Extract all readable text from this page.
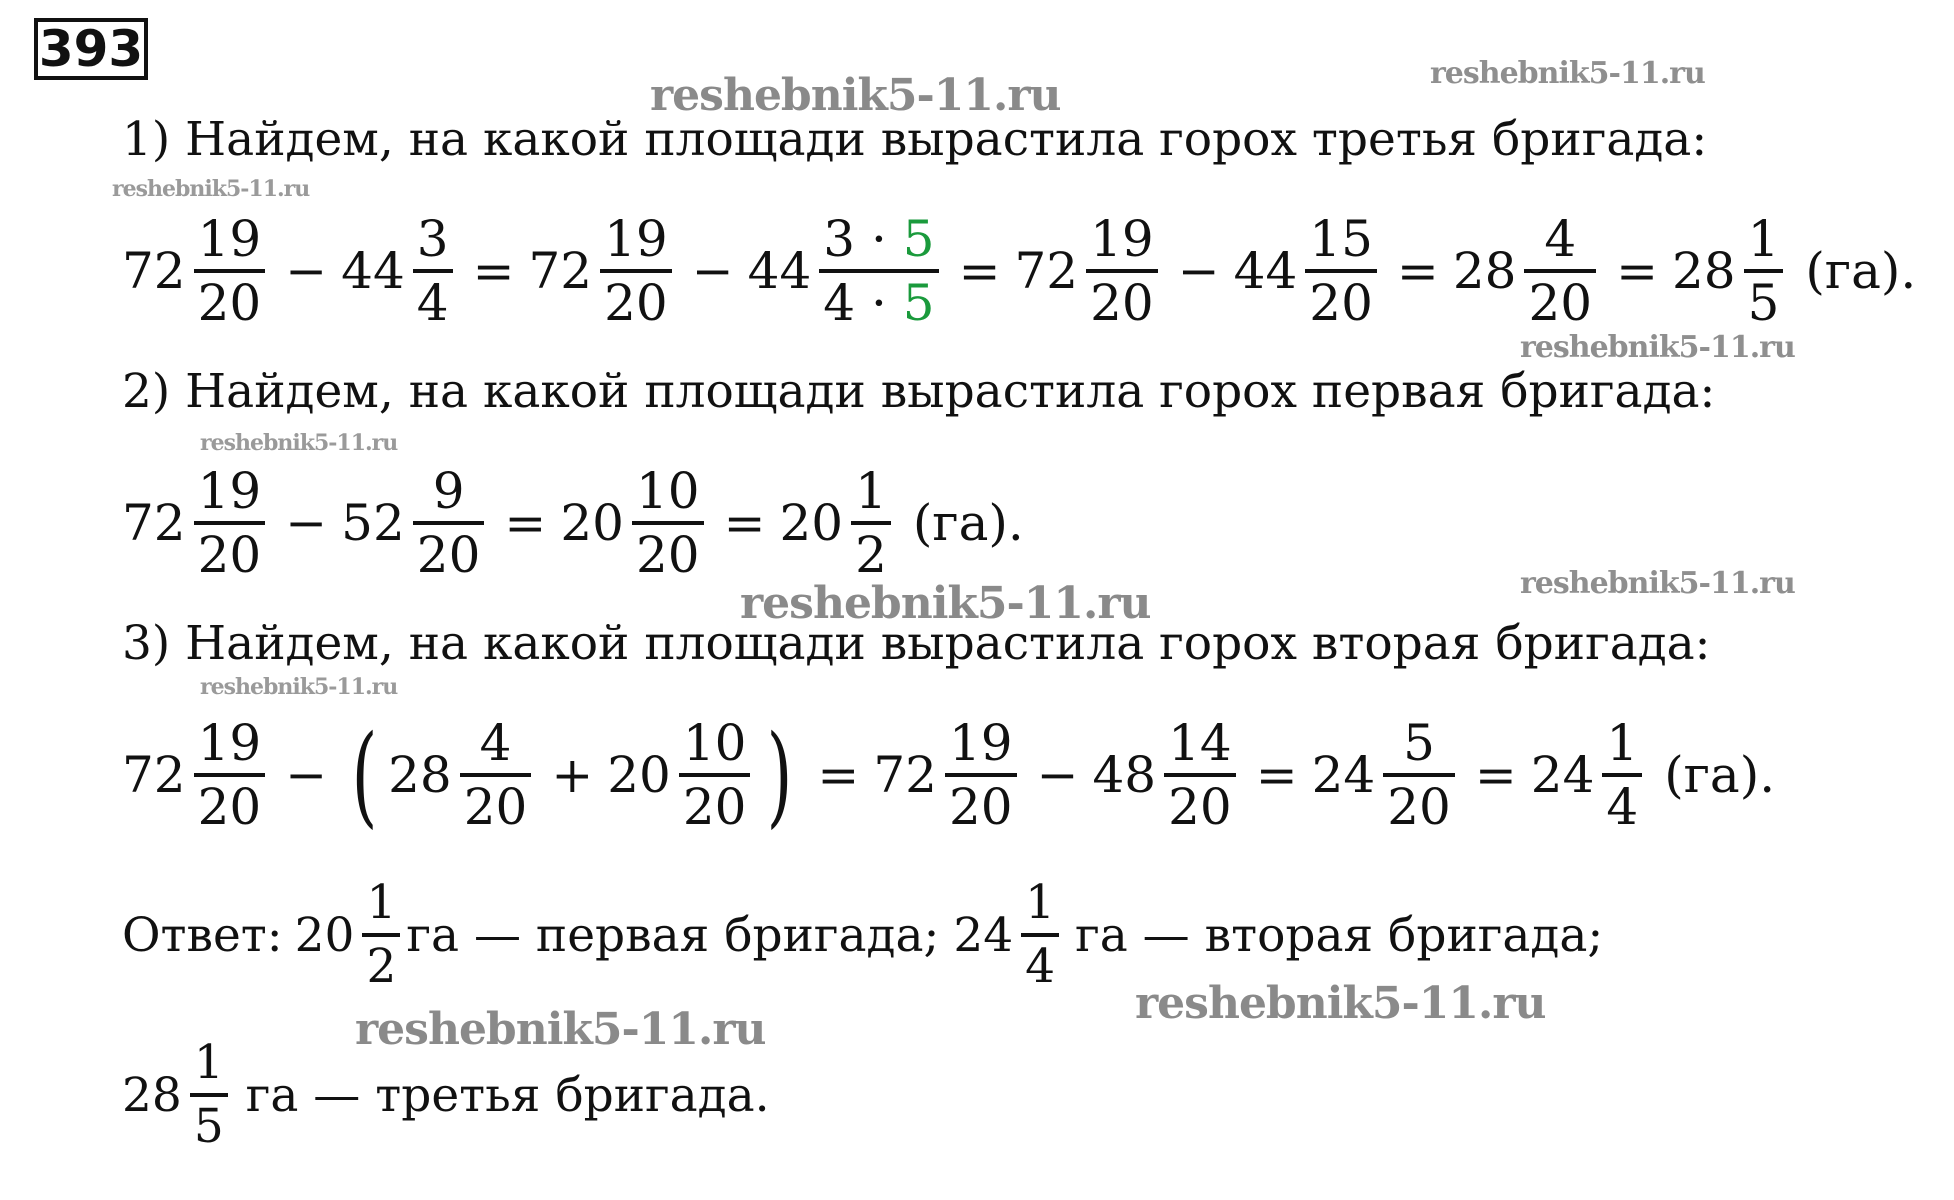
393
reshebnik5-11.ru	reshebnik5-11.ru
reshebnik5-11.ru
reshebnik5-11.ru
reshebnik5-11.ru
reshebnik5-11.ru	reshebnik5-11.ru
reshebnik5-11.ru
reshebnik5-11.ru
reshebnik5-11.ru
1) Найдем, на какой площади вырастила горох третья бригада:
$72 \frac{19}{20} - 44 \frac{3}{4} = 72 \frac{19}{20} - 44 \frac{3 \cdot 5}{4 \cdot 5} = 72 \frac{19}{20} - 44 \frac{15}{20} = 28 \frac{4}{20} = 28 \frac{1}{5} (га)$.
2) Найдем, на какой площади вырастила горох первая бригада:
$72 \frac{19}{20} - 52 \frac{9}{20} = 20 \frac{10}{20} = 20 \frac{1}{2} (га)$.
3) Найдем, на какой площади вырастила горох вторая бригада:
$72 \frac{19}{20}$ − ( $28 \frac{4}{20} + 20 \frac{10}{20}$ ) = $72 \frac{19}{20} - 48 \frac{14}{20} = 24 \frac{5}{20} = 24 \frac{1}{4} (га)$.
Ответ: $20 \frac{1}{2}$ га — первая бригада; $24 \frac{1}{4}$ га — вторая бригада;
$28 \frac{1}{5}$ га — третья бригада.
